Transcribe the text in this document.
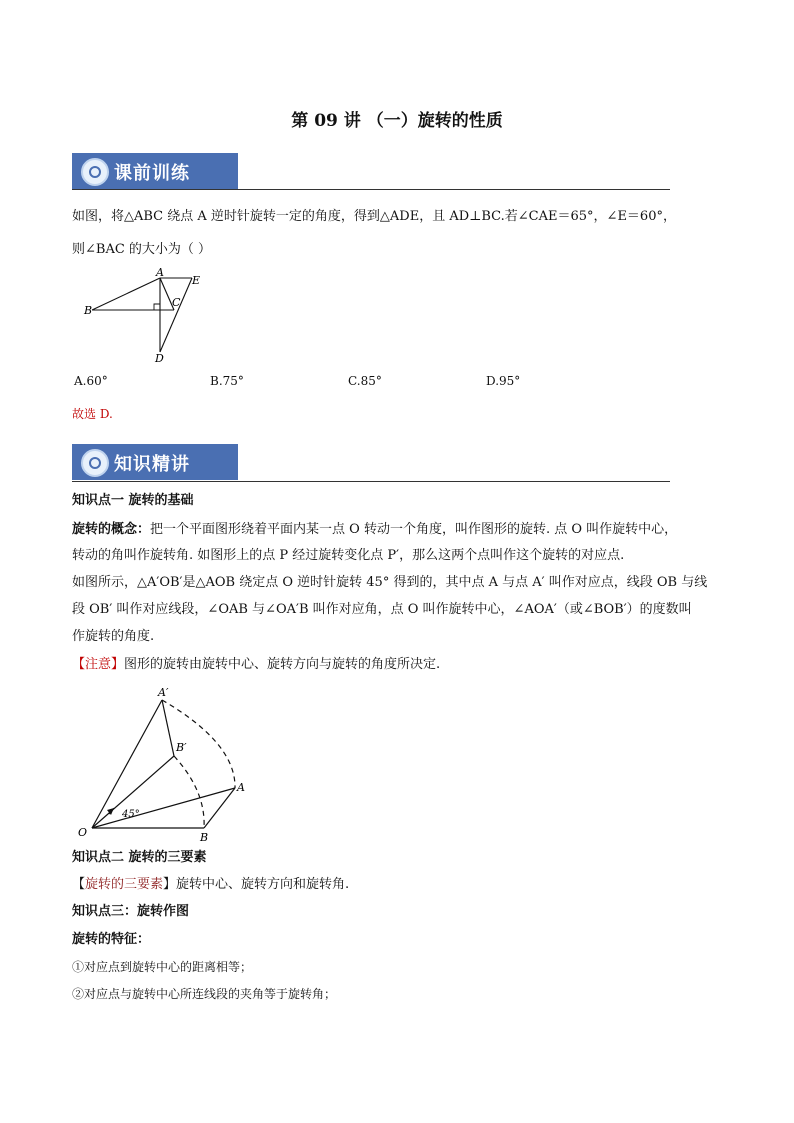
第 09 讲 （一）旋转的性质
课前训练
如图，将△ABC 绕点 A 逆时针旋转一定的角度，得到△ADE，且 AD⊥BC.若∠CAE＝65°，∠E＝60°，
则∠BAC 的大小为（ ）
A
B
C
D
E
A.60°	B.75°	C.85°	D.95°
故选 D.
知识精讲
知识点一 旋转的基础
旋转的概念：把一个平面图形绕着平面内某一点 O 转动一个角度，叫作图形的旋转. 点 O 叫作旋转中心，
转动的角叫作旋转角. 如图形上的点 P 经过旋转变化点 P′，那么这两个点叫作这个旋转的对应点.
如图所示，△A′OB′是△AOB 绕定点 O 逆时针旋转 45° 得到的，其中点 A 与点 A′ 叫作对应点，线段 OB 与线
段 OB′ 叫作对应线段，∠OAB 与∠OA′B 叫作对应角，点 O 叫作旋转中心，∠AOA′（或∠BOB′）的度数叫
作旋转的角度.
【注意】图形的旋转由旋转中心、旋转方向与旋转的角度所决定.
A′
B′
A
B
O
45°
知识点二 旋转的三要素
【旋转的三要素】旋转中心、旋转方向和旋转角.
知识点三：旋转作图
旋转的特征：
①对应点到旋转中心的距离相等；
②对应点与旋转中心所连线段的夹角等于旋转角；
